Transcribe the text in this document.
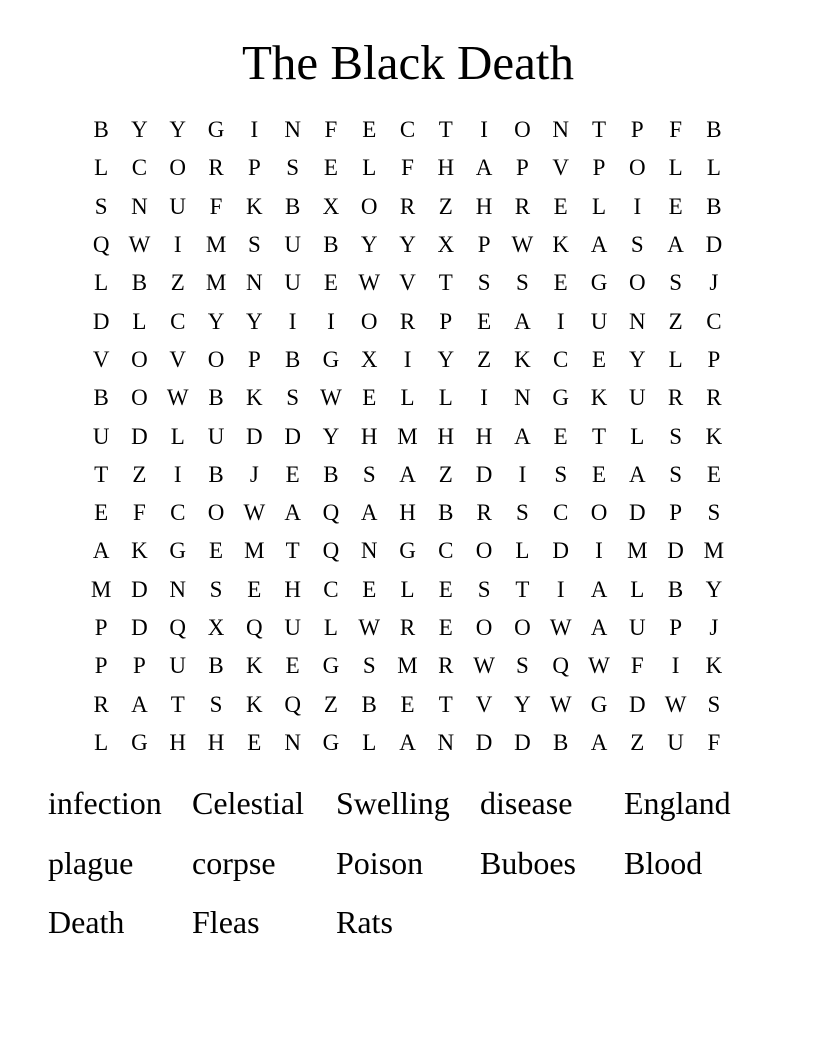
The Black Death
B Y Y G	I	N	F	E	C	T	I	O N T	P	F	B
L	C O R	P	S	E	L	F	H A	P	V	P	O L	L
S	N U	F	K B X O R	Z H R	E	L	I	E	B
Q W	I	M S	U B Y Y X	P W K A	S	A D
L	B	Z M N U E W V T	S	S	E G O	S	J
D L	C Y Y	I	I	O R	P	E A	I	U N Z	C
V O V O	P	B G X	I	Y Z K C	E Y L	P
B O W B K	S W E	L	L	I	N G K U R R
U D L U D D Y H M H H A E	T	L	S	K
T	Z	I	B	J	E	B	S	A Z D	I	S	E A	S	E
E	F	C O W A Q A H B R	S	C O D	P	S
A K G E M T Q N G C O L D	I	M D M
M D N	S	E H C	E	L	E	S	T	I	A L	B Y
P	D Q X Q U L W R	E O O W A U	P	J
P	P	U B K E G	S M R W S	Q W F	I	K
R A T	S	K Q Z	B	E	T V Y W G D W S
L G H H E N G L A N D D B A Z U	F
infection Celestial	Swelling disease	England
plague	corpse	Poison	Buboes	Blood
Death	Fleas	Rats
